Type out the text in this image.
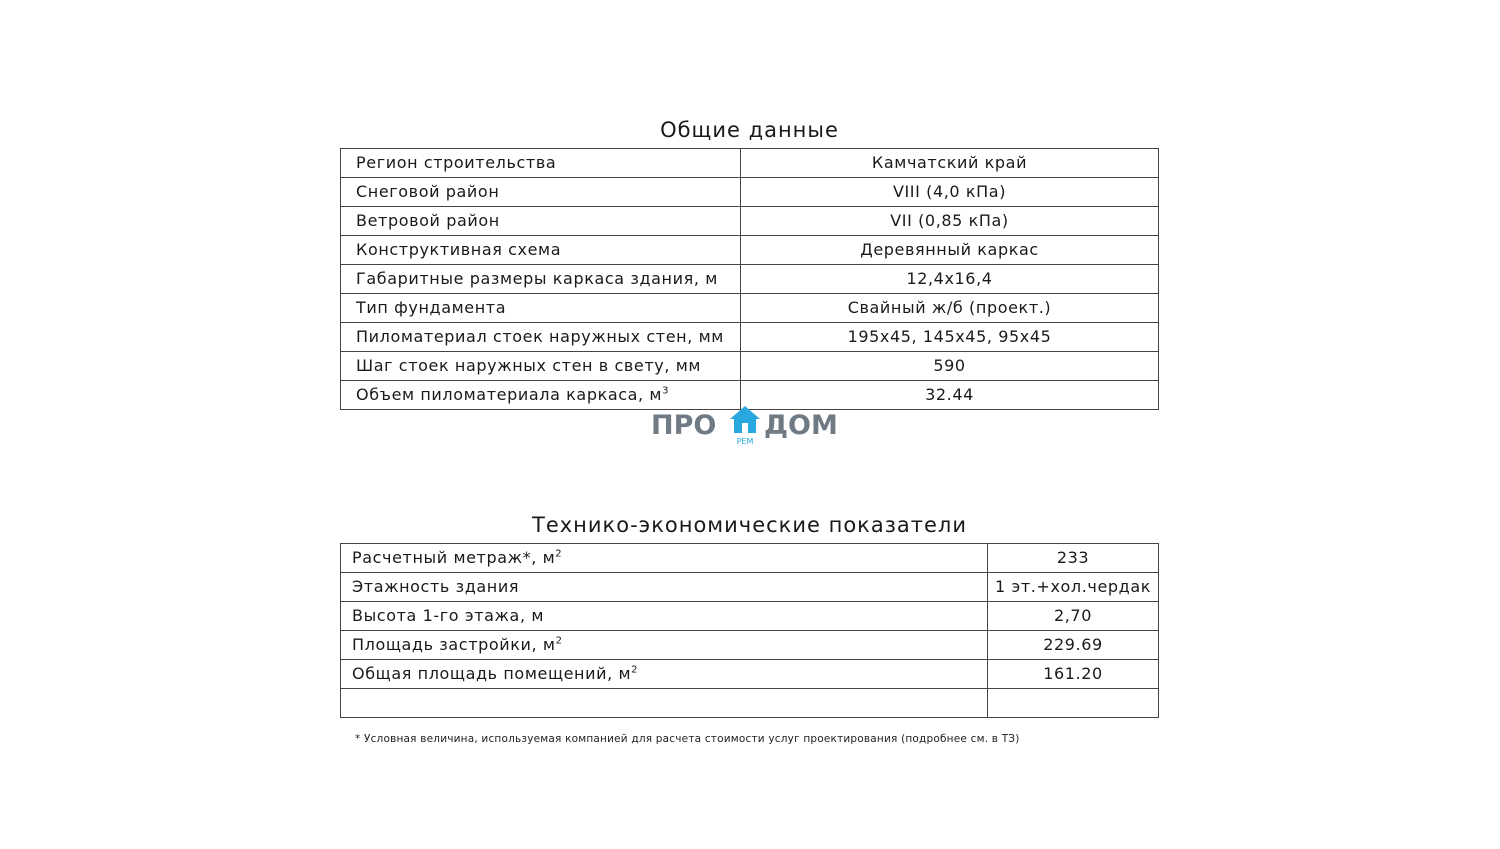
Общие данные
Регион строительства	Камчатский край
Снеговой район	VIII (4,0 кПа)
Ветровой район	VII (0,85 кПа)
Конструктивная схема	Деревянный каркас
Габаритные размеры каркаса здания, м	12,4x16,4
Тип фундамента	Свайный ж/б (проект.)
Пиломатериал стоек наружных стен, мм	195x45, 145x45, 95x45
Шаг стоек наружных стен в свету, мм	590
Объем пиломатериала каркаса, $м^3$	32.44
ПРО
РЕМ
ДОМ
Технико-экономические показатели
Расчетный метраж*, $м^2$	233
Этажность здания	1 эт.+хол.чердак
Высота 1-го этажа, м	2,70
Площадь застройки, $м^2$	229.69
Общая площадь помещений, $м^2$	161.20

* Условная величина, используемая компанией для расчета стоимости услуг проектирования (подробнее см. в ТЗ)
